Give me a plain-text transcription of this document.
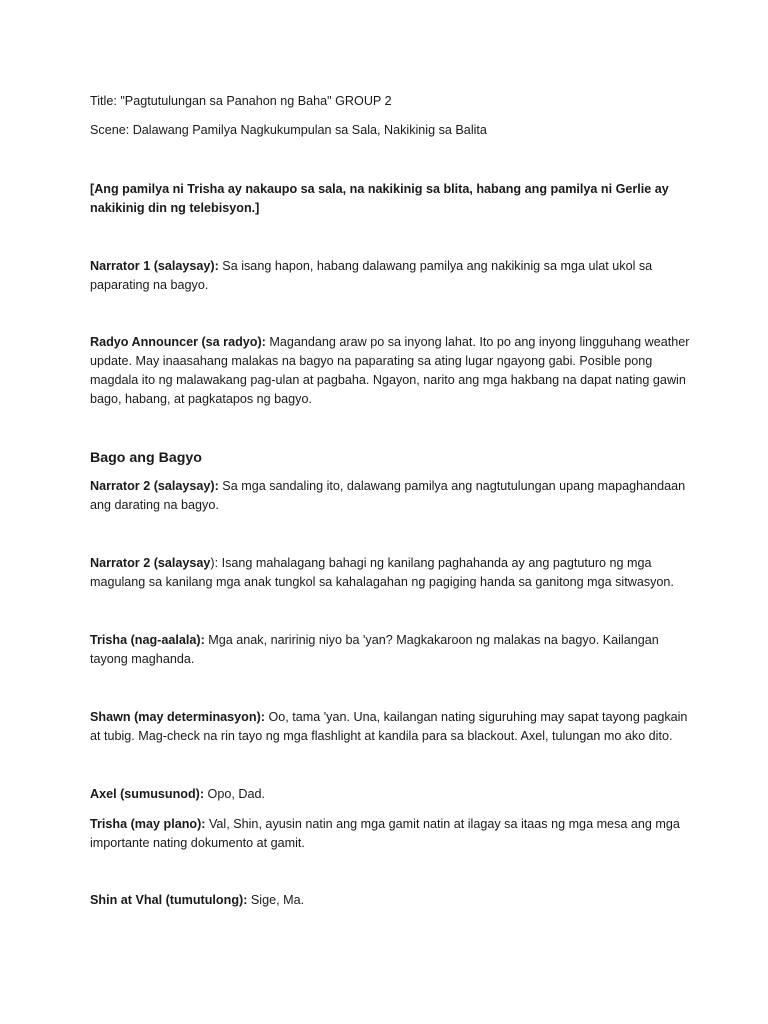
Title: "Pagtutulungan sa Panahon ng Baha" GROUP 2

Scene: Dalawang Pamilya Nagkukumpulan sa Sala, Nakikinig sa Balita

[Ang pamilya ni Trisha ay nakaupo sa sala, na nakikinig sa blita, habang ang pamilya ni Gerlie ay nakikinig din ng telebisyon.]

Narrator 1 (salaysay): Sa isang hapon, habang dalawang pamilya ang nakikinig sa mga ulat ukol sa paparating na bagyo.

Radyo Announcer (sa radyo): Magandang araw po sa inyong lahat. Ito po ang inyong lingguhang weather update. May inaasahang malakas na bagyo na paparating sa ating lugar ngayong gabi. Posible pong magdala ito ng malawakang pag-ulan at pagbaha. Ngayon, narito ang mga hakbang na dapat nating gawin bago, habang, at pagkatapos ng bagyo.

Bago ang Bagyo

Narrator 2 (salaysay): Sa mga sandaling ito, dalawang pamilya ang nagtutulungan upang mapaghandaan ang darating na bagyo.

Narrator 2 (salaysay): Isang mahalagang bahagi ng kanilang paghahanda ay ang pagtuturo ng mga magulang sa kanilang mga anak tungkol sa kahalagahan ng pagiging handa sa ganitong mga sitwasyon.

Trisha (nag-aalala): Mga anak, naririnig niyo ba 'yan? Magkakaroon ng malakas na bagyo. Kailangan tayong maghanda.

Shawn (may determinasyon): Oo, tama 'yan. Una, kailangan nating siguruhing may sapat tayong pagkain at tubig. Mag-check na rin tayo ng mga flashlight at kandila para sa blackout. Axel, tulungan mo ako dito.

Axel (sumusunod): Opo, Dad.

Trisha (may plano): Val, Shin, ayusin natin ang mga gamit natin at ilagay sa itaas ng mga mesa ang mga importante nating dokumento at gamit.

Shin at Vhal (tumutulong): Sige, Ma.
